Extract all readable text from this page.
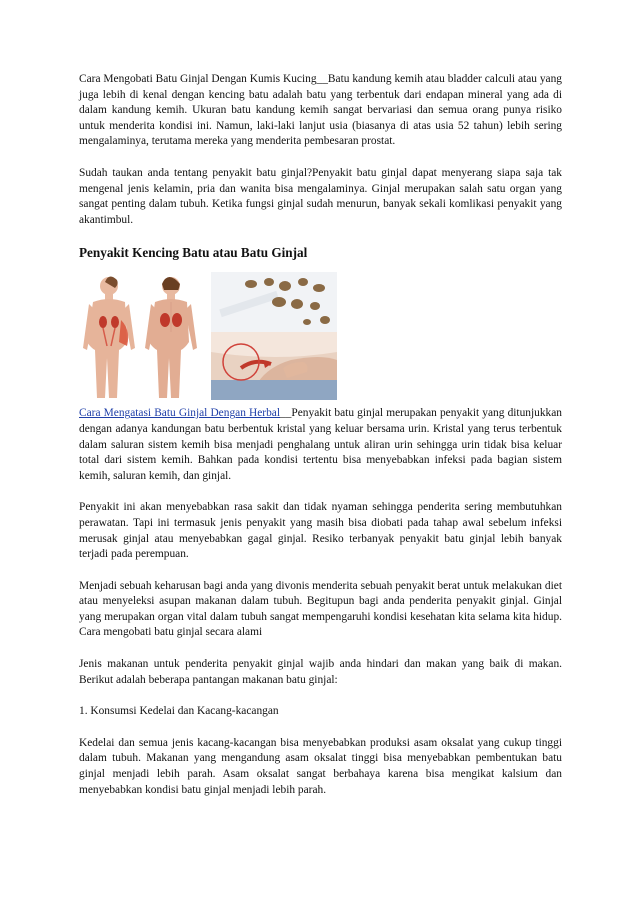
Cara Mengobati Batu Ginjal Dengan Kumis Kucing__Batu kandung kemih atau bladder calculi atau yang juga lebih di kenal dengan kencing batu adalah batu yang terbentuk dari endapan mineral yang ada di dalam kandung kemih. Ukuran batu kandung kemih sangat bervariasi dan semua orang punya risiko untuk menderita kondisi ini. Namun, laki-laki lanjut usia (biasanya di atas usia 52 tahun) lebih sering mengalaminya, terutama mereka yang menderita pembesaran prostat.

Sudah taukan anda tentang penyakit batu ginjal?Penyakit batu ginjal dapat menyerang siapa saja tak mengenal jenis kelamin, pria dan wanita bisa mengalaminya. Ginjal merupakan salah satu organ yang sangat penting dalam tubuh. Ketika fungsi ginjal sudah menurun, banyak sekali komlikasi penyakit yang akantimbul.

Penyakit Kencing Batu atau Batu Ginjal

Cara Mengatasi Batu Ginjal Dengan Herbal__Penyakit batu ginjal merupakan penyakit yang ditunjukkan dengan adanya kandungan batu berbentuk kristal yang keluar bersama urin. Kristal yang terus terbentuk dalam saluran sistem kemih bisa menjadi penghalang untuk aliran urin sehingga urin tidak bisa keluar total dari sistem kemih. Bahkan pada kondisi tertentu bisa menyebabkan infeksi pada bagian sistem kemih, saluran kemih, dan ginjal.

Penyakit ini akan menyebabkan rasa sakit dan tidak nyaman sehingga penderita sering membutuhkan perawatan. Tapi ini termasuk jenis penyakit yang masih bisa diobati pada tahap awal sebelum infeksi merusak ginjal atau menyebabkan gagal ginjal. Resiko terbanyak penyakit batu ginjal lebih banyak terjadi pada perempuan.

Menjadi sebuah keharusan bagi anda yang divonis menderita sebuah penyakit berat untuk melakukan diet atau menyeleksi asupan makanan dalam tubuh. Begitupun bagi anda penderita penyakit ginjal. Ginjal yang merupakan organ vital dalam tubuh sangat mempengaruhi kondisi kesehatan kita selama kita hidup. Cara mengobati batu ginjal secara alami

Jenis makanan untuk penderita penyakit ginjal wajib anda hindari dan makan yang baik di makan. Berikut adalah beberapa pantangan makanan batu ginjal:

1. Konsumsi Kedelai dan Kacang-kacangan

Kedelai dan semua jenis kacang-kacangan bisa menyebabkan produksi asam oksalat yang cukup tinggi dalam tubuh. Makanan yang mengandung asam oksalat tinggi bisa menyebabkan pembentukan batu ginjal menjadi lebih parah. Asam oksalat sangat berbahaya karena bisa mengikat kalsium dan menyebabkan kondisi batu ginjal menjadi lebih parah.
